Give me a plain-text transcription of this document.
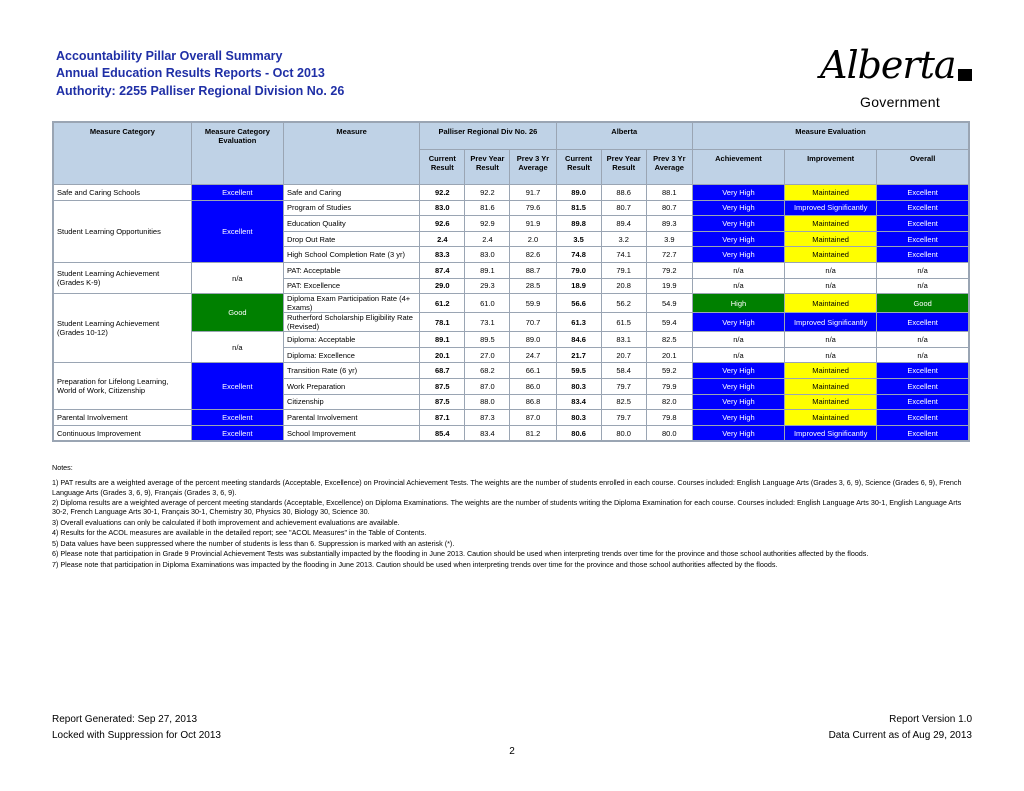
Accountability Pillar Overall Summary
Annual Education Results Reports - Oct 2013
Authority: 2255 Palliser Regional Division No. 26
Alberta
Government
Measure Category	Measure Category Evaluation	Measure	Palliser Regional Div No. 26			Alberta			Measure Evaluation		
			Current Result	Prev Year Result	Prev 3 Yr Average	Current Result	Prev Year Result	Prev 3 Yr Average	Achievement	Improvement	Overall
Safe and Caring Schools	Excellent	Safe and Caring	92.2	92.2	91.7	89.0	88.6	88.1	Very High	Maintained	Excellent
Student Learning Opportunities	Excellent	Program of Studies	83.0	81.6	79.6	81.5	80.7	80.7	Very High	Improved Significantly	Excellent
		Education Quality	92.6	92.9	91.9	89.8	89.4	89.3	Very High	Maintained	Excellent
		Drop Out Rate	2.4	2.4	2.0	3.5	3.2	3.9	Very High	Maintained	Excellent
		High School Completion Rate (3 yr)	83.3	83.0	82.6	74.8	74.1	72.7	Very High	Maintained	Excellent
Student Learning Achievement (Grades K-9)	n/a	PAT: Acceptable	87.4	89.1	88.7	79.0	79.1	79.2	n/a	n/a	n/a
		PAT: Excellence	29.0	29.3	28.5	18.9	20.8	19.9	n/a	n/a	n/a
Student Learning Achievement (Grades 10-12)	Good	Diploma Exam Participation Rate (4+ Exams)	61.2	61.0	59.9	56.6	56.2	54.9	High	Maintained	Good
		Rutherford Scholarship Eligibility Rate (Revised)	78.1	73.1	70.7	61.3	61.5	59.4	Very High	Improved Significantly	Excellent
	n/a	Diploma: Acceptable	89.1	89.5	89.0	84.6	83.1	82.5	n/a	n/a	n/a
		Diploma: Excellence	20.1	27.0	24.7	21.7	20.7	20.1	n/a	n/a	n/a
Preparation for Lifelong Learning, World of Work, Citizenship	Excellent	Transition Rate (6 yr)	68.7	68.2	66.1	59.5	58.4	59.2	Very High	Maintained	Excellent
		Work Preparation	87.5	87.0	86.0	80.3	79.7	79.9	Very High	Maintained	Excellent
		Citizenship	87.5	88.0	86.8	83.4	82.5	82.0	Very High	Maintained	Excellent
Parental Involvement	Excellent	Parental Involvement	87.1	87.3	87.0	80.3	79.7	79.8	Very High	Maintained	Excellent
Continuous Improvement	Excellent	School Improvement	85.4	83.4	81.2	80.6	80.0	80.0	Very High	Improved Significantly	Excellent

Notes:

1) PAT results are a weighted average of the percent meeting standards (Acceptable, Excellence) on Provincial Achievement Tests. The weights are the number of students enrolled in each course. Courses included: English Language Arts (Grades 3, 6, 9), Science (Grades 6, 9), French Language Arts (Grades 3, 6, 9), Français (Grades 3, 6, 9).

2) Diploma results are a weighted average of percent meeting standards (Acceptable, Excellence) on Diploma Examinations. The weights are the number of students writing the Diploma Examination for each course. Courses included: English Language Arts 30-1, English Language Arts 30-2, French Language Arts 30-1, Français 30-1, Chemistry 30, Physics 30, Biology 30, Science 30.

3) Overall evaluations can only be calculated if both improvement and achievement evaluations are available.

4) Results for the ACOL measures are available in the detailed report; see "ACOL Measures" in the Table of Contents.

5) Data values have been suppressed where the number of students is less than 6. Suppression is marked with an asterisk (*).

6) Please note that participation in Grade 9 Provincial Achievement Tests was substantially impacted by the flooding in June 2013. Caution should be used when interpreting trends over time for the province and those school authorities affected by the floods.

7) Please note that participation in Diploma Examinations was impacted by the flooding in June 2013. Caution should be used when interpreting trends over time for the province and those school authorities affected by the floods.

Report Generated: Sep 27, 2013
Locked with Suppression for Oct 2013
Report Version 1.0
Data Current as of Aug 29, 2013
2
